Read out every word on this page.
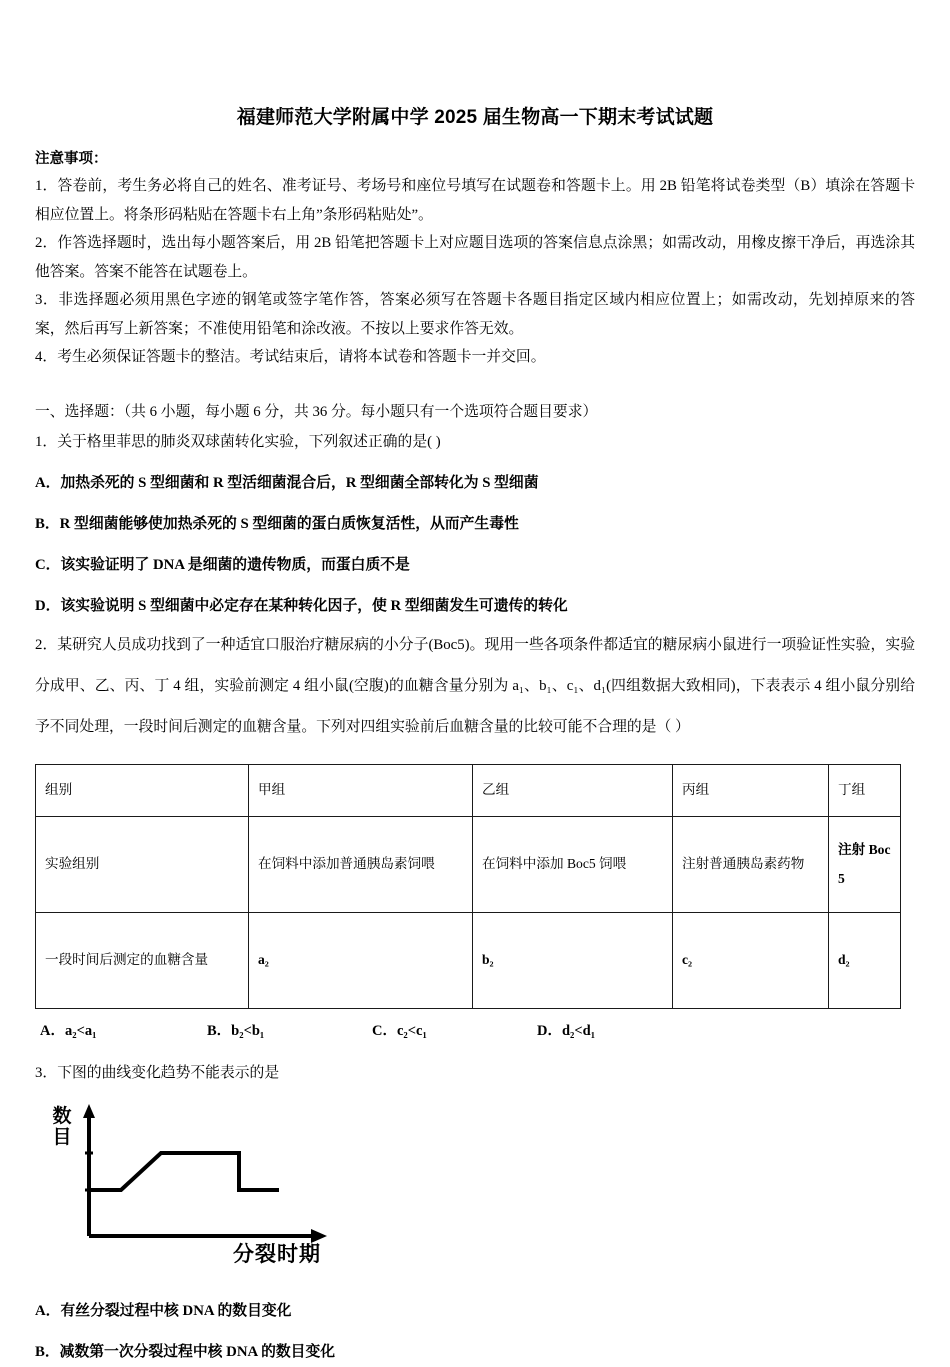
福建师范大学附属中学 2025 届生物高一下期末考试试题
注意事项：
1．答卷前，考生务必将自己的姓名、准考证号、考场号和座位号填写在试题卷和答题卡上。用 2B 铅笔将试卷类型（B）填涂在答题卡相应位置上。将条形码粘贴在答题卡右上角”条形码粘贴处”。
2．作答选择题时，选出每小题答案后，用 2B 铅笔把答题卡上对应题目选项的答案信息点涂黑；如需改动，用橡皮擦干净后，再选涂其他答案。答案不能答在试题卷上。
3．非选择题必须用黑色字迹的钢笔或签字笔作答，答案必须写在答题卡各题目指定区域内相应位置上；如需改动，先划掉原来的答案，然后再写上新答案；不准使用铅笔和涂改液。不按以上要求作答无效。
4．考生必须保证答题卡的整洁。考试结束后，请将本试卷和答题卡一并交回。
一、选择题：（共 6 小题，每小题 6 分，共 36 分。每小题只有一个选项符合题目要求）
1．关于格里菲思的肺炎双球菌转化实验，下列叙述正确的是( )
A．加热杀死的 S 型细菌和 R 型活细菌混合后，R 型细菌全部转化为 S 型细菌
B．R 型细菌能够使加热杀死的 S 型细菌的蛋白质恢复活性，从而产生毒性
C．该实验证明了 DNA 是细菌的遗传物质，而蛋白质不是
D．该实验说明 S 型细菌中必定存在某种转化因子，使 R 型细菌发生可遗传的转化
2．某研究人员成功找到了一种适宜口服治疗糖尿病的小分子(Boc5)。现用一些各项条件都适宜的糖尿病小鼠进行一项验证性实验，实验分成甲、乙、丙、丁 4 组，实验前测定 4 组小鼠(空腹)的血糖含量分别为 a₁、b₁、c₁、d₁(四组数据大致相同)，下表表示 4 组小鼠分别给予不同处理，一段时间后测定的血糖含量。下列对四组实验前后血糖含量的比较可能不合理的是（ ）
组别	甲组	乙组	丙组	丁组
实验组别	在饲料中添加普通胰岛素饲喂	在饲料中添加 Boc5 饲喂	注射普通胰岛素药物	注射 Boc5
一段时间后测定的血糖含量	a₂	b₂	c₂	d₂
A．a₂<a₁	B．b₂<b₁	C．c₂<c₁	D．d₂<d₁
3．下图的曲线变化趋势不能表示的是
数目
分裂时期
A．有丝分裂过程中核 DNA 的数目变化
B．减数第一次分裂过程中核 DNA 的数目变化
